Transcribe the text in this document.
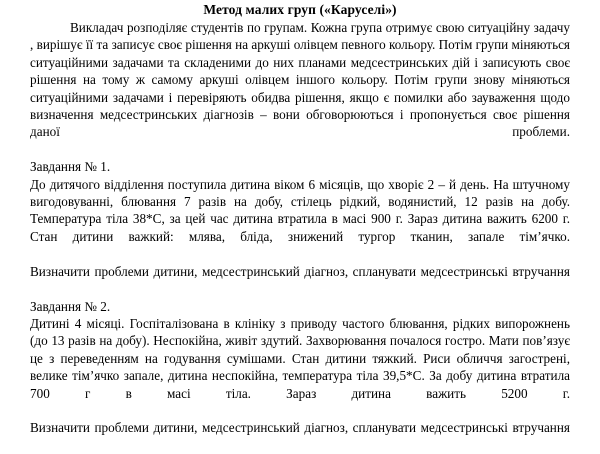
Метод малих груп («Каруселі»)

Викладач розподіляє студентів по групам. Кожна група отримує свою ситуаційну задачу , вирішує її та записує своє рішення на аркуші олівцем певного кольору. Потім групи міняються ситуаційними задачами та складеними до них планами медсестринських дій і записують своє рішення на тому ж самому аркуші олівцем іншого кольору. Потім групи знову міняються ситуаційними задачами і перевіряють обидва рішення, якщо є помилки або зауваження щодо визначення медсестринських діагнозів – вони обговорюються і пропонується своє рішення даної проблеми.

Завдання № 1.

До дитячого відділення поступила дитина віком 6 місяців, що хворіє 2 – й день. На штучному вигодовуванні, блювання 7 разів на добу, стілець рідкий, водянистий, 12 разів на добу. Температура тіла 38*С, за цей час дитина втратила в масі 900 г. Зараз дитина важить 6200 г. Стан дитини важкий: млява, бліда, знижений тургор тканин, запале тім’ячко.

Визначити проблеми дитини, медсестринський діагноз, спланувати медсестринські втручання

Завдання № 2.

Дитині 4 місяці. Госпіталізована в клініку з приводу частого блювання, рідких випорожнень (до 13 разів на добу). Неспокійна, живіт здутий. Захворювання почалося гостро. Мати пов’язує це з переведенням на годування сумішами. Стан дитини тяжкий. Риси обличчя загострені, велике тім’ячко запале, дитина неспокійна, температура тіла 39,5*С. За добу дитина втратила 700 г в масі тіла. Зараз дитина важить 5200 г.

Визначити проблеми дитини, медсестринський діагноз, спланувати медсестринські втручання
